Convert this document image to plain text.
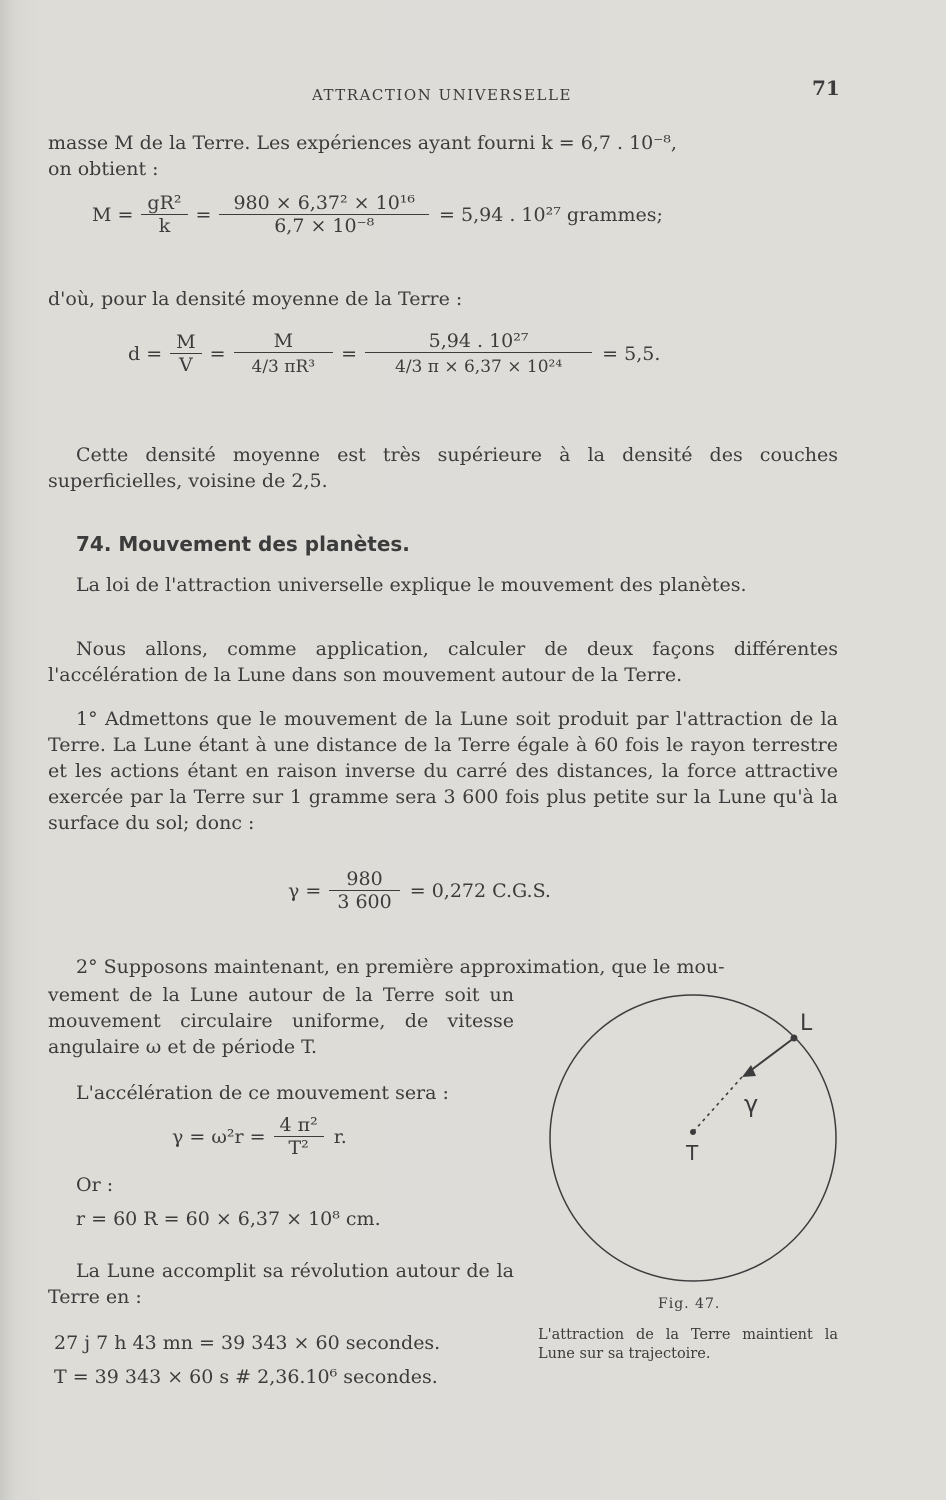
ATTRACTION UNIVERSELLE	71

masse M de la Terre. Les expériences ayant fourni k = 6,7 . 10⁻⁸,

on obtient :

$M = \frac{\text{gR²}}{k} = \frac{\text{980 × 6,37² × 10¹⁶}}{\text{6,7 × 10⁻⁸}} = 5,94$ . 10²⁷ grammes;

d'où, pour la densité moyenne de la Terre :

$d = \frac{M}{V} = \frac{M}{\text{4/3 πR³}} = \frac{\text{5,94 . 10²⁷}}{\text{4/3 π × 6,37 × 10²⁴}} = 5,5$.

Cette densité moyenne est très supérieure à la densité des couches superficielles, voisine de 2,5.

74. Mouvement des planètes.

La loi de l'attraction universelle explique le mouvement des planètes.

Nous allons, comme application, calculer de deux façons différentes l'accélération de la Lune dans son mouvement autour de la Terre.

1° Admettons que le mouvement de la Lune soit produit par l'attraction de la Terre. La Lune étant à une distance de la Terre égale à 60 fois le rayon terrestre et les actions étant en raison inverse du carré des distances, la force attractive exercée par la Terre sur 1 gramme sera 3 600 fois plus petite sur la Lune qu'à la surface du sol; donc :

$\gamma = \frac{980}{3 600} = 0,272$ C.G.S.

2° Supposons maintenant, en première approximation, que le mou-

vement de la Lune autour de la Terre soit un mouvement circulaire uniforme, de vitesse angulaire ω et de période T.

L'accélération de ce mouvement sera :

$\gamma = \omega^2r = \frac{\text{4 π²}}{\text{T²}} r$.

Or :

r = 60 R = 60 × 6,37 × 10⁸ cm.

La Lune accomplit sa révolution autour de la Terre en :

27 j 7 h 43 mn = 39 343 × 60 secondes.

T = 39 343 × 60 s # 2,36.10⁶ secondes.

L
T
γ
Fig. 47.

L'attraction de la Terre maintient la Lune sur sa trajectoire.
